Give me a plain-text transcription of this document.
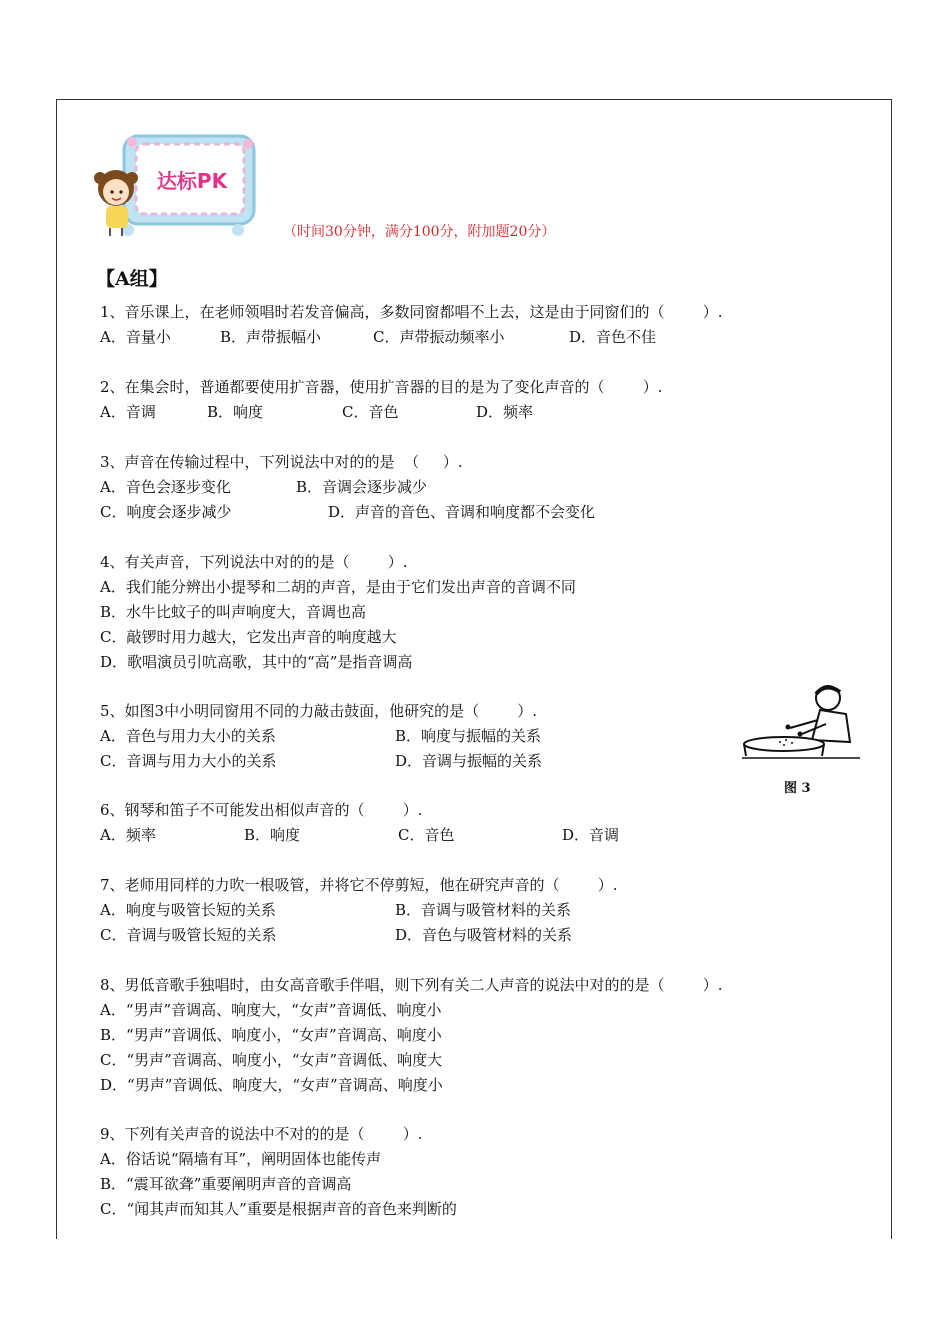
达标PK
（时间30分钟，满分100分，附加题20分）
【A组】
1、音乐课上，在老师领唱时若发音偏高，多数同窗都唱不上去，这是由于同窗们的（        ）.
A．音量小	B．声带振幅小	C．声带振动频率小	D．音色不佳
2、在集会时，普通都要使用扩音器，使用扩音器的目的是为了变化声音的（        ）.
A．音调	B．响度	C．音色	D．频率
3、声音在传输过程中，下列说法中对的的是  （     ）.
A．音色会逐步变化	B．音调会逐步减少
C．响度会逐步减少	D．声音的音色、音调和响度都不会变化
4、有关声音，下列说法中对的的是（        ）.
A．我们能分辨出小提琴和二胡的声音，是由于它们发出声音的音调不同
B．水牛比蚊子的叫声响度大，音调也高
C．敲锣时用力越大，它发出声音的响度越大
D．歌唱演员引吭高歌，其中的“高”是指音调高
5、如图3中小明同窗用不同的力敲击鼓面，他研究的是（        ）.
A．音色与用力大小的关系	B．响度与振幅的关系
C．音调与用力大小的关系	D．音调与振幅的关系
图 3
6、钢琴和笛子不可能发出相似声音的（        ）.
A．频率	B．响度	C．音色	D．音调
7、老师用同样的力吹一根吸管，并将它不停剪短，他在研究声音的（        ）.
A．响度与吸管长短的关系	B．音调与吸管材料的关系
C．音调与吸管长短的关系	D．音色与吸管材料的关系
8、男低音歌手独唱时，由女高音歌手伴唱，则下列有关二人声音的说法中对的的是（        ）.
A．“男声”音调高、响度大，“女声”音调低、响度小
B．“男声”音调低、响度小，“女声”音调高、响度小
C．“男声”音调高、响度小，“女声”音调低、响度大
D．“男声”音调低、响度大，“女声”音调高、响度小
9、下列有关声音的说法中不对的的是（        ）.
A．俗话说“隔墙有耳”，阐明固体也能传声
B．“震耳欲聋”重要阐明声音的音调高
C．“闻其声而知其人”重要是根据声音的音色来判断的
